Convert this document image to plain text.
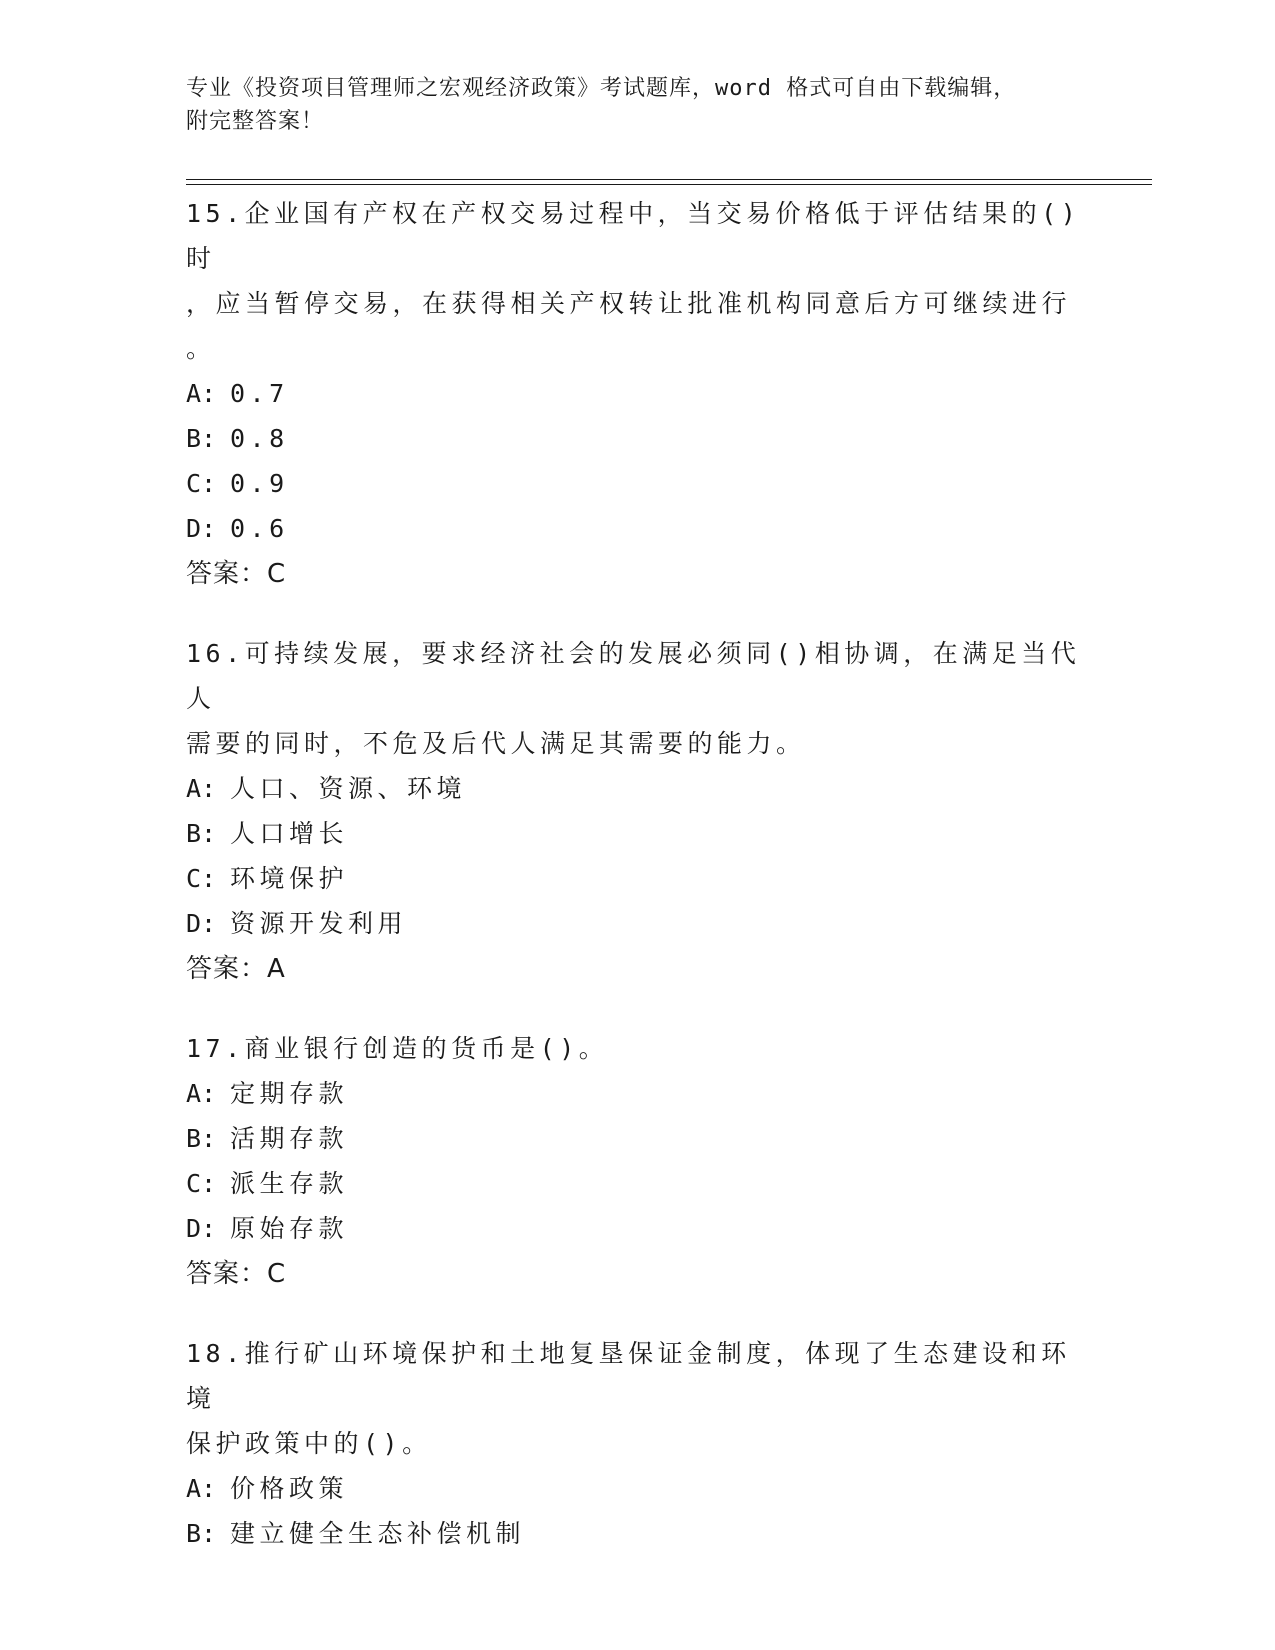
专业《投资项目管理师之宏观经济政策》考试题库，word 格式可自由下载编辑，
附完整答案！
15.企业国有产权在产权交易过程中，当交易价格低于评估结果的()时
，应当暂停交易，在获得相关产权转让批准机构同意后方可继续进行
。
A: 0.7
B: 0.8
C: 0.9
D: 0.6
答案：C
16.可持续发展，要求经济社会的发展必须同()相协调，在满足当代人
需要的同时，不危及后代人满足其需要的能力。
A: 人口、资源、环境
B: 人口增长
C: 环境保护
D: 资源开发利用
答案：A
17.商业银行创造的货币是()。
A: 定期存款
B: 活期存款
C: 派生存款
D: 原始存款
答案：C
18.推行矿山环境保护和土地复垦保证金制度，体现了生态建设和环境
保护政策中的()。
A: 价格政策
B: 建立健全生态补偿机制
